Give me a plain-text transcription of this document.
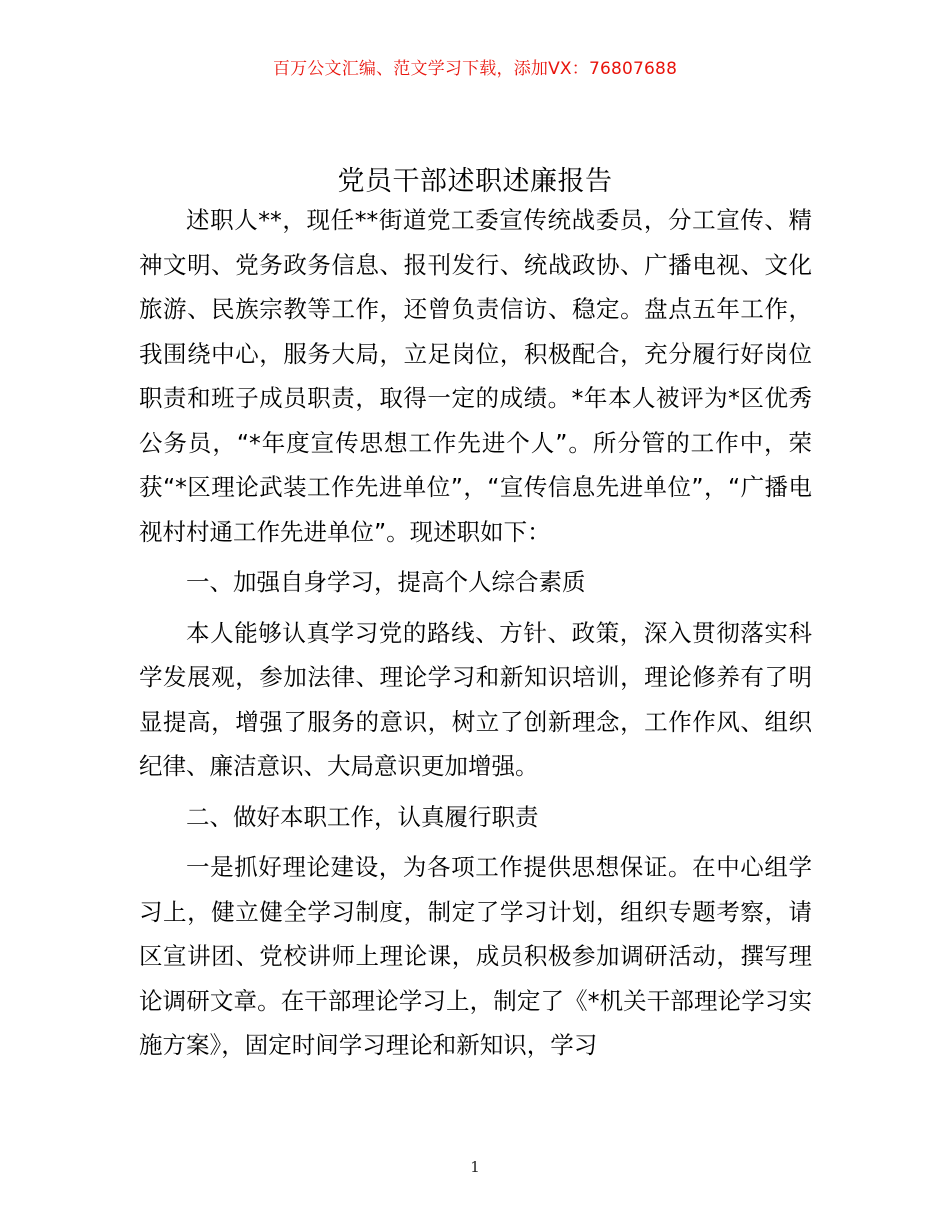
百万公文汇编、范文学习下载，添加VX：76807688
党员干部述职述廉报告

述职人**，现任**街道党工委宣传统战委员，分工宣传、精神文明、党务政务信息、报刊发行、统战政协、广播电视、文化旅游、民族宗教等工作，还曾负责信访、稳定。盘点五年工作，我围绕中心，服务大局，立足岗位，积极配合，充分履行好岗位职责和班子成员职责，取得一定的成绩。*年本人被评为*区优秀公务员，“*年度宣传思想工作先进个人”。所分管的工作中，荣获“*区理论武装工作先进单位”，“宣传信息先进单位”，“广播电视村村通工作先进单位”。现述职如下：

一、加强自身学习，提高个人综合素质

本人能够认真学习党的路线、方针、政策，深入贯彻落实科学发展观，参加法律、理论学习和新知识培训，理论修养有了明显提高，增强了服务的意识，树立了创新理念，工作作风、组织纪律、廉洁意识、大局意识更加增强。

二、做好本职工作，认真履行职责

一是抓好理论建设，为各项工作提供思想保证。在中心组学习上，健立健全学习制度，制定了学习计划，组织专题考察，请区宣讲团、党校讲师上理论课，成员积极参加调研活动，撰写理论调研文章。在干部理论学习上，制定了《*机关干部理论学习实施方案》，固定时间学习理论和新知识，学习

1
